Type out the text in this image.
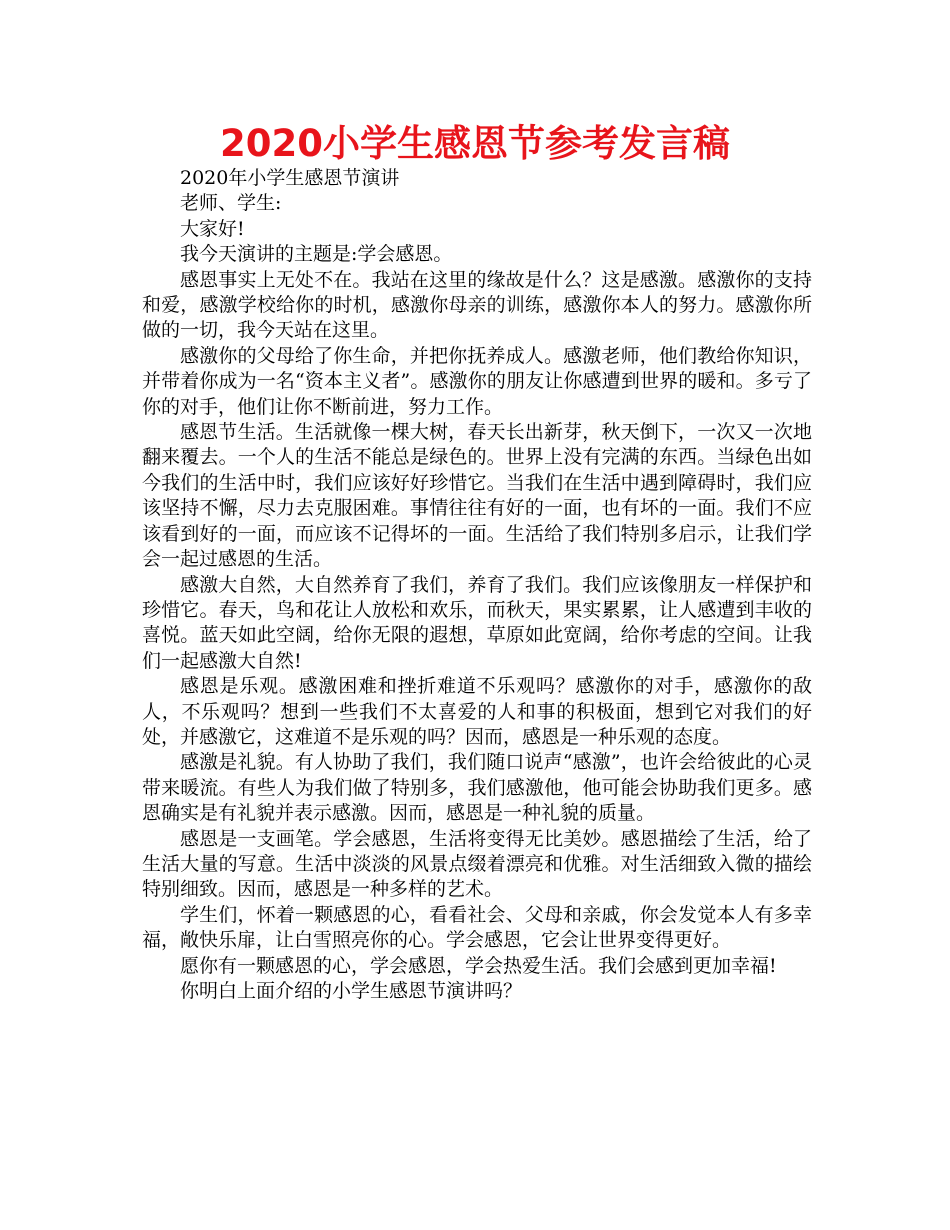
2020小学生感恩节参考发言稿

2020年小学生感恩节演讲

老师、学生:

大家好!

我今天演讲的主题是:学会感恩。

感恩事实上无处不在。我站在这里的缘故是什么？这是感激。感激你的支持和爱，感激学校给你的时机，感激你母亲的训练，感激你本人的努力。感激你所做的一切，我今天站在这里。

感激你的父母给了你生命，并把你抚养成人。感激老师，他们教给你知识，并带着你成为一名“资本主义者”。感激你的朋友让你感遭到世界的暖和。多亏了你的对手，他们让你不断前进，努力工作。

感恩节生活。生活就像一棵大树，春天长出新芽，秋天倒下，一次又一次地翻来覆去。一个人的生活不能总是绿色的。世界上没有完满的东西。当绿色出如今我们的生活中时，我们应该好好珍惜它。当我们在生活中遇到障碍时，我们应该坚持不懈，尽力去克服困难。事情往往有好的一面，也有坏的一面。我们不应该看到好的一面，而应该不记得坏的一面。生活给了我们特别多启示，让我们学会一起过感恩的生活。

感激大自然，大自然养育了我们，养育了我们。我们应该像朋友一样保护和珍惜它。春天，鸟和花让人放松和欢乐，而秋天，果实累累，让人感遭到丰收的喜悦。蓝天如此空阔，给你无限的遐想，草原如此宽阔，给你考虑的空间。让我们一起感激大自然!

感恩是乐观。感激困难和挫折难道不乐观吗？感激你的对手，感激你的敌人，不乐观吗？想到一些我们不太喜爱的人和事的积极面，想到它对我们的好处，并感激它，这难道不是乐观的吗？因而，感恩是一种乐观的态度。

感激是礼貌。有人协助了我们，我们随口说声“感激”，也许会给彼此的心灵带来暖流。有些人为我们做了特别多，我们感激他，他可能会协助我们更多。感恩确实是有礼貌并表示感激。因而，感恩是一种礼貌的质量。

感恩是一支画笔。学会感恩，生活将变得无比美妙。感恩描绘了生活，给了生活大量的写意。生活中淡淡的风景点缀着漂亮和优雅。对生活细致入微的描绘特别细致。因而，感恩是一种多样的艺术。

学生们，怀着一颗感恩的心，看看社会、父母和亲戚，你会发觉本人有多幸福，敞快乐扉，让白雪照亮你的心。学会感恩，它会让世界变得更好。

愿你有一颗感恩的心，学会感恩，学会热爱生活。我们会感到更加幸福!

你明白上面介绍的小学生感恩节演讲吗？
